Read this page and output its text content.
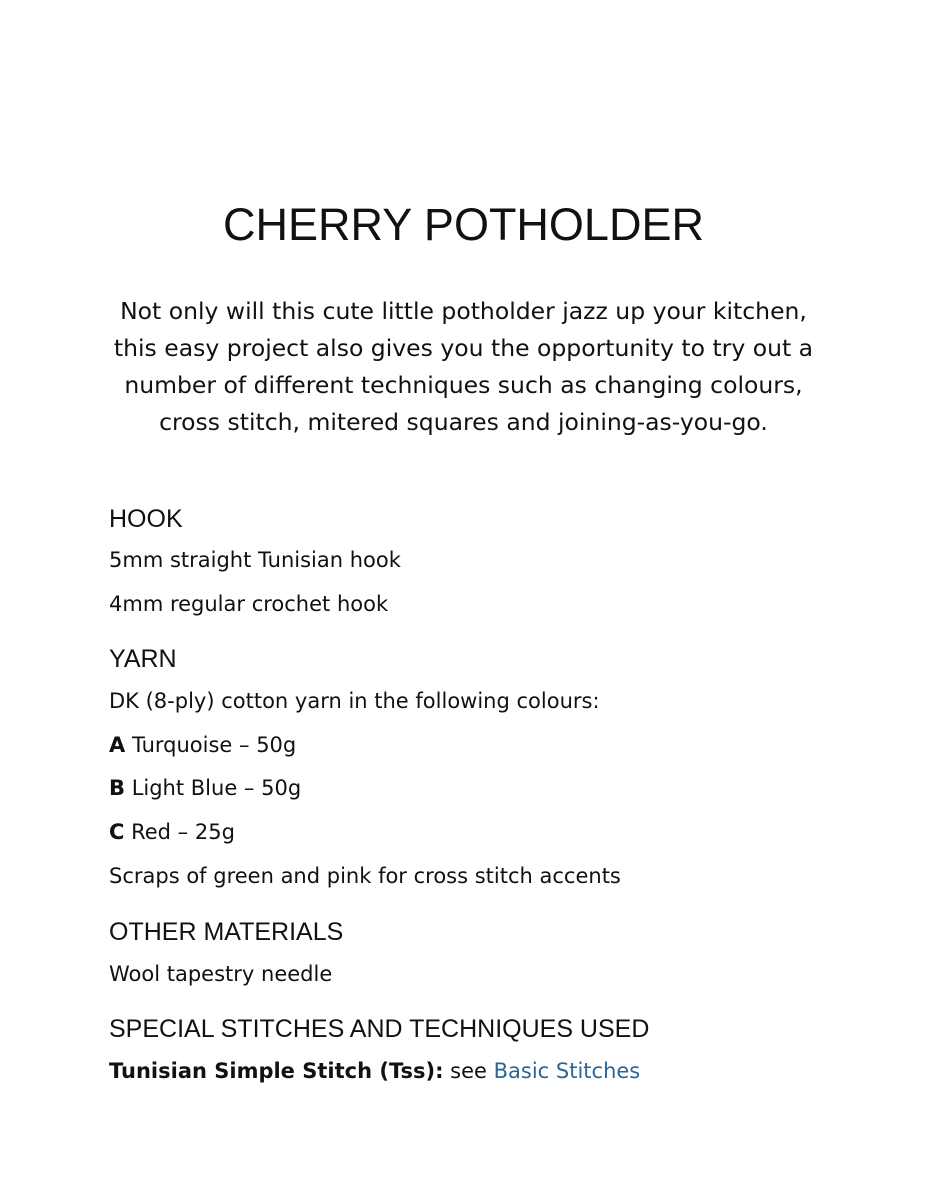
CHERRY POTHOLDER

Not only will this cute little potholder jazz up your kitchen, this easy project also gives you the opportunity to try out a number of different techniques such as changing colours, cross stitch, mitered squares and joining-as-you-go.

HOOK

5mm straight Tunisian hook

4mm regular crochet hook

YARN

DK (8-ply) cotton yarn in the following colours:

A Turquoise – 50g

B Light Blue – 50g

C Red – 25g

Scraps of green and pink for cross stitch accents

OTHER MATERIALS

Wool tapestry needle

SPECIAL STITCHES AND TECHNIQUES USED

Tunisian Simple Stitch (Tss): see Basic Stitches
